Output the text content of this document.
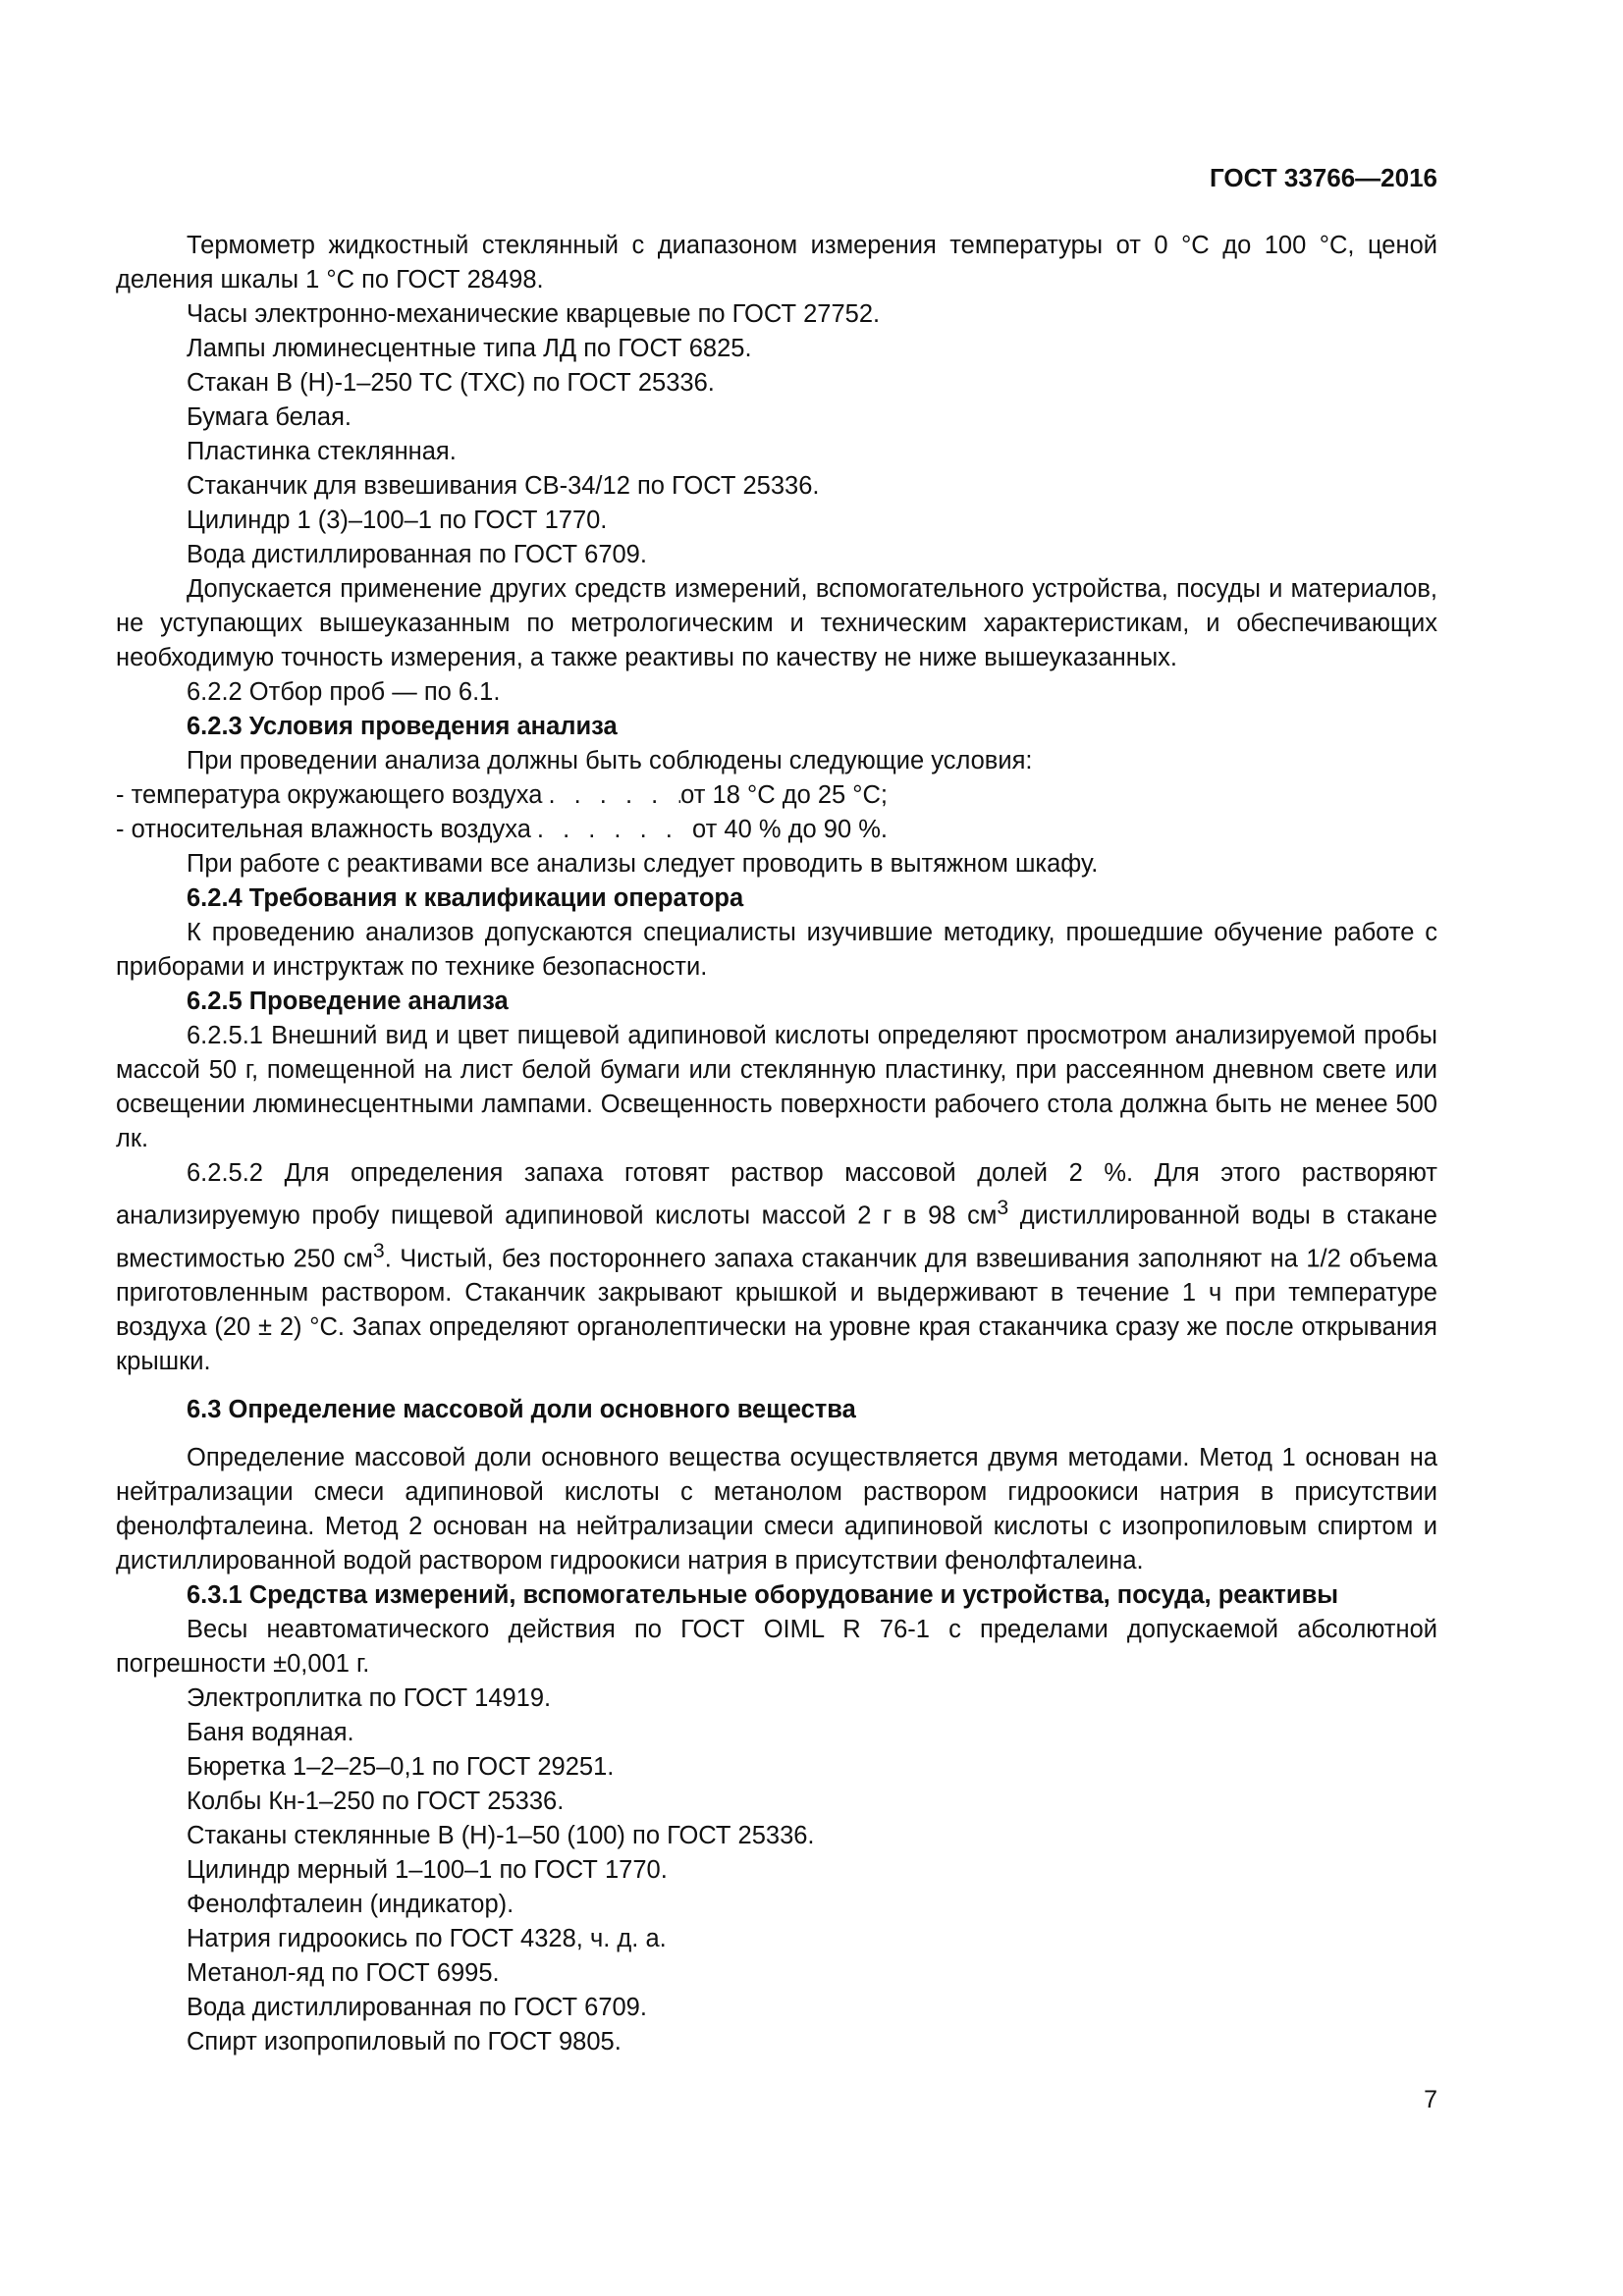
ГОСТ 33766—2016

Термометр жидкостный стеклянный с диапазоном измерения температуры от 0 °С до 100 °С, ценой деления шкалы 1 °С по ГОСТ 28498.

Часы электронно-механические кварцевые по ГОСТ 27752.

Лампы люминесцентные типа ЛД по ГОСТ 6825.

Стакан В (Н)-1–250 ТС (ТХС) по ГОСТ 25336.

Бумага белая.

Пластинка стеклянная.

Стаканчик для взвешивания СВ-34/12 по ГОСТ 25336.

Цилиндр 1 (3)–100–1 по ГОСТ 1770.

Вода дистиллированная по ГОСТ 6709.

Допускается применение других средств измерений, вспомогательного устройства, посуды и материалов, не уступающих вышеуказанным по метрологическим и техническим характеристикам, и обеспечивающих необходимую точность измерения, а также реактивы по качеству не ниже вышеуказанных.

6.2.2 Отбор проб — по 6.1.

6.2.3 Условия проведения анализа

При проведении анализа должны быть соблюдены следующие условия:

- температура окружающего воздуха . . .	от 18 °С до 25 °С;
- относительная влажность воздуха . . .	от 40 % до 90 %.

При работе с реактивами все анализы следует проводить в вытяжном шкафу.

6.2.4 Требования к квалификации оператора

К проведению анализов допускаются специалисты изучившие методику, прошедшие обучение работе с приборами и инструктаж по технике безопасности.

6.2.5 Проведение анализа

6.2.5.1 Внешний вид и цвет пищевой адипиновой кислоты определяют просмотром анализируемой пробы массой 50 г, помещенной на лист белой бумаги или стеклянную пластинку, при рассеянном дневном свете или освещении люминесцентными лампами. Освещенность поверхности рабочего стола должна быть не менее 500 лк.

6.2.5.2 Для определения запаха готовят раствор массовой долей 2 %. Для этого растворяют анализируемую пробу пищевой адипиновой кислоты массой 2 г в 98 $см^3$ дистиллированной воды в стакане вместимостью 250 $см^3$. Чистый, без постороннего запаха стаканчик для взвешивания заполняют на 1/2 объема приготовленным раствором. Стаканчик закрывают крышкой и выдерживают в течение 1 ч при температуре воздуха (20 ± 2) °С. Запах определяют органолептически на уровне края стаканчика сразу же после открывания крышки.

6.3 Определение массовой доли основного вещества

Определение массовой доли основного вещества осуществляется двумя методами. Метод 1 основан на нейтрализации смеси адипиновой кислоты с метанолом раствором гидроокиси натрия в присутствии фенолфталеина. Метод 2 основан на нейтрализации смеси адипиновой кислоты с изопропиловым спиртом и дистиллированной водой раствором гидроокиси натрия в присутствии фенолфталеина.

6.3.1 Средства измерений, вспомогательные оборудование и устройства, посуда, реактивы

Весы неавтоматического действия по ГОСТ OIML R 76-1 с пределами допускаемой абсолютной погрешности ±0,001 г.

Электроплитка по ГОСТ 14919.

Баня водяная.

Бюретка 1–2–25–0,1 по ГОСТ 29251.

Колбы Кн-1–250 по ГОСТ 25336.

Стаканы стеклянные В (Н)-1–50 (100) по ГОСТ 25336.

Цилиндр мерный 1–100–1 по ГОСТ 1770.

Фенолфталеин (индикатор).

Натрия гидроокись по ГОСТ 4328, ч. д. а.

Метанол-яд по ГОСТ 6995.

Вода дистиллированная по ГОСТ 6709.

Спирт изопропиловый по ГОСТ 9805.

7
